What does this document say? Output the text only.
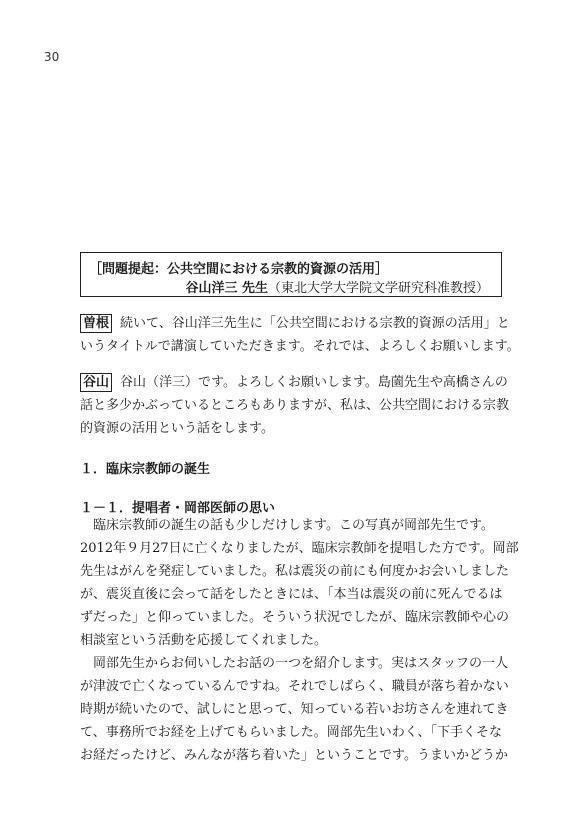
30
［問題提起：公共空間における宗教的資源の活用］
谷山洋三 先生（東北大学大学院文学研究科准教授）
曽根 続いて、谷山洋三先生に「公共空間における宗教的資源の活用」と
いうタイトルで講演していただきます。それでは、よろしくお願いします。
谷山 谷山（洋三）です。よろしくお願いします。島薗先生や高橋さんの
話と多少かぶっているところもありますが、私は、公共空間における宗教
的資源の活用という話をします。
１．臨床宗教師の誕生
１－１．提唱者・岡部医師の思い
臨床宗教師の誕生の話も少しだけします。この写真が岡部先生です。
2012年９月27日に亡くなりましたが、臨床宗教師を提唱した方です。岡部
先生はがんを発症していました。私は震災の前にも何度かお会いしました
が、震災直後に会って話をしたときには、「本当は震災の前に死んでるは
ずだった」と仰っていました。そういう状況でしたが、臨床宗教師や心の
相談室という活動を応援してくれました。
岡部先生からお伺いしたお話の一つを紹介します。実はスタッフの一人
が津波で亡くなっているんですね。それでしばらく、職員が落ち着かない
時期が続いたので、試しにと思って、知っている若いお坊さんを連れてき
て、事務所でお経を上げてもらいました。岡部先生いわく、「下手くそな
お経だったけど、みんなが落ち着いた」ということです。うまいかどうか
